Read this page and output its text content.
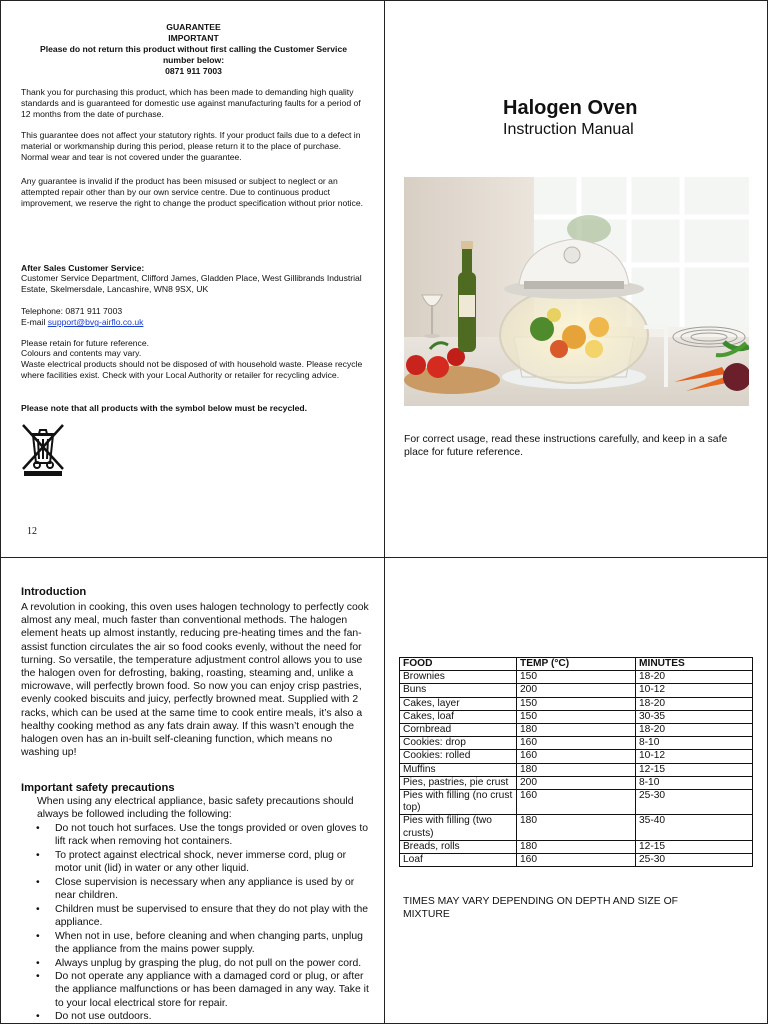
GUARANTEE
IMPORTANT
Please do not return this product without first calling the Customer Service
number below:
0871 911 7003

Thank you for purchasing this product, which has been made to demanding high quality standards and is guaranteed for domestic use against manufacturing faults for a period of 12 months from the date of purchase.

This guarantee does not affect your statutory rights. If your product fails due to a defect in material or workmanship during this period, please return it to the place of purchase. Normal wear and tear is not covered under the guarantee.

Any guarantee is invalid if the product has been misused or subject to neglect or an attempted repair other than by our own service centre. Due to continuous product improvement, we reserve the right to change the product specification without prior notice.

After Sales Customer Service:

Customer Service Department, Clifford James, Gladden Place, West Gillibrands Industrial Estate, Skelmersdale, Lancashire, WN8 9SX, UK

Telephone: 0871 911 7003

E-mail support@bvg-airflo.co.uk

Please retain for future reference.

Colours and contents may vary.

Waste electrical products should not be disposed of with household waste. Please recycle where facilities exist. Check with your Local Authority or retailer for recycling advice.

Please note that all products with the symbol below must be recycled.

12
Halogen Oven
Instruction Manual
For correct usage, read these instructions carefully, and keep in a safe place for future reference.
Introduction

A revolution in cooking, this oven uses halogen technology to perfectly cook almost any meal, much faster than conventional methods. The halogen element heats up almost instantly, reducing pre-heating times and the fan-assist function circulates the air so food cooks evenly, without the need for turning. So versatile, the temperature adjustment control allows you to use the halogen oven for defrosting, baking, roasting, steaming and, unlike a microwave, will perfectly brown food. So now you can enjoy crisp pastries, evenly cooked biscuits and juicy, perfectly browned meat. Supplied with 2 racks, which can be used at the same time to cook entire meals, it’s also a healthy cooking method as any fats drain away. If this wasn’t enough the halogen oven has an in-built self-cleaning function, which means no washing up!

Important safety precautions

When using any electrical appliance, basic safety precautions should always be followed including the following:

• Do not touch hot surfaces. Use the tongs provided or oven gloves to lift rack when removing hot containers.
• To protect against electrical shock, never immerse cord, plug or motor unit (lid) in water or any other liquid.
• Close supervision is necessary when any appliance is used by or near children.
• Children must be supervised to ensure that they do not play with the appliance.
• When not in use, before cleaning and when changing parts, unplug the appliance from the mains power supply.
• Always unplug by grasping the plug, do not pull on the power cord.
• Do not operate any appliance with a damaged cord or plug, or after the appliance malfunctions or has been damaged in any way. Take it to your local electrical store for repair.
• Do not use outdoors.
FOOD	TEMP (°C)	MINUTES
Brownies	150	18-20
Buns	200	10-12
Cakes, layer	150	18-20
Cakes, loaf	150	30-35
Cornbread	180	18-20
Cookies: drop	160	8-10
Cookies: rolled	160	10-12
Muffins	180	12-15
Pies, pastries, pie crust	200	8-10
Pies with filling (no crust top)	160	25-30
Pies with filling (two crusts)	180	35-40
Breads, rolls	180	12-15
Loaf	160	25-30
TIMES MAY VARY DEPENDING ON DEPTH AND SIZE OF MIXTURE
